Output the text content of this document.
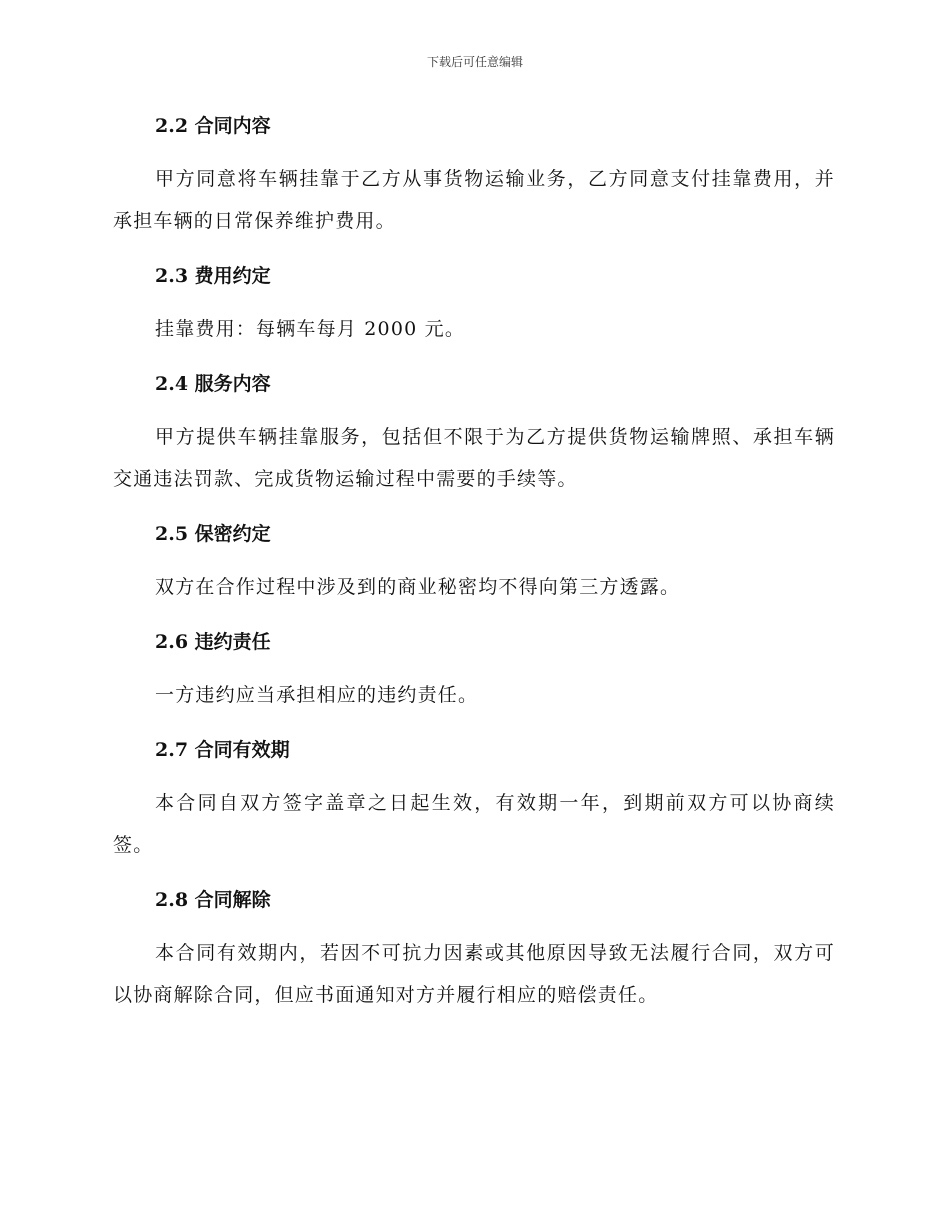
下载后可任意编辑

2.2 合同内容

甲方同意将车辆挂靠于乙方从事货物运输业务，乙方同意支付挂靠费用，并承担车辆的日常保养维护费用。

2.3 费用约定

挂靠费用：每辆车每月 2000 元。

2.4 服务内容

甲方提供车辆挂靠服务，包括但不限于为乙方提供货物运输牌照、承担车辆交通违法罚款、完成货物运输过程中需要的手续等。

2.5 保密约定

双方在合作过程中涉及到的商业秘密均不得向第三方透露。

2.6 违约责任

一方违约应当承担相应的违约责任。

2.7 合同有效期

本合同自双方签字盖章之日起生效，有效期一年，到期前双方可以协商续签。

2.8 合同解除

本合同有效期内，若因不可抗力因素或其他原因导致无法履行合同，双方可以协商解除合同，但应书面通知对方并履行相应的赔偿责任。
